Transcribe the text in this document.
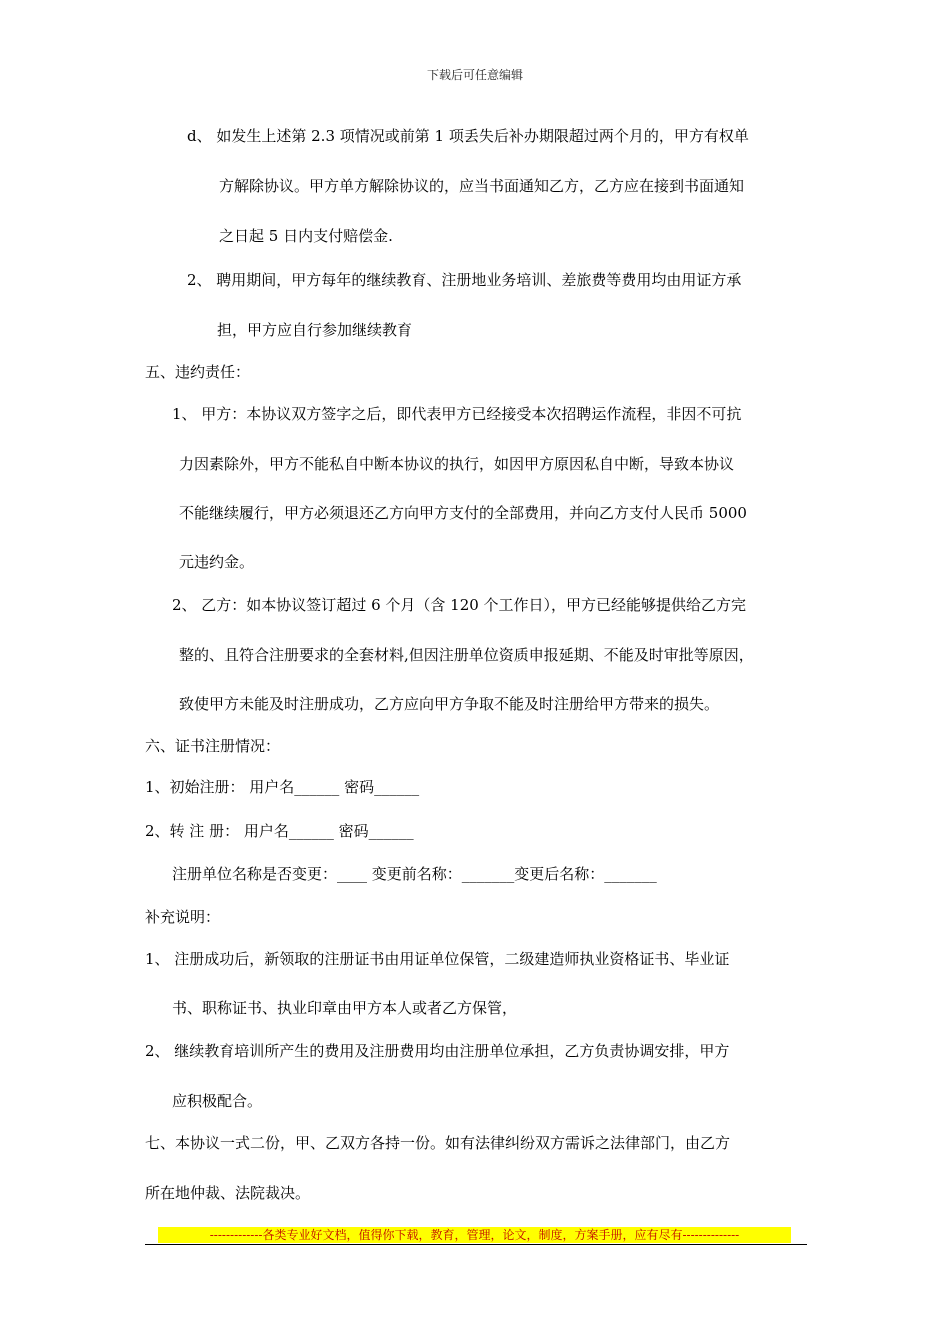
下载后可任意编辑
d、 如发生上述第 2.3 项情况或前第 1 项丢失后补办期限超过两个月的，甲方有权单
方解除协议。甲方单方解除协议的，应当书面通知乙方，乙方应在接到书面通知
之日起 5 日内支付赔偿金.
2、 聘用期间，甲方每年的继续教育、注册地业务培训、差旅费等费用均由用证方承
担，甲方应自行参加继续教育
五、违约责任：
1、 甲方：本协议双方签字之后，即代表甲方已经接受本次招聘运作流程，非因不可抗
力因素除外，甲方不能私自中断本协议的执行，如因甲方原因私自中断，导致本协议
不能继续履行，甲方必须退还乙方向甲方支付的全部费用，并向乙方支付人民币 5000
元违约金。
2、 乙方：如本协议签订超过 6 个月（含 120 个工作日），甲方已经能够提供给乙方完
整的、且符合注册要求的全套材料,但因注册单位资质申报延期、不能及时审批等原因，
致使甲方未能及时注册成功，乙方应向甲方争取不能及时注册给甲方带来的损失。
六、证书注册情况：
1、初始注册： 用户名______ 密码______
2、转 注 册： 用户名______ 密码______
注册单位名称是否变更：____ 变更前名称：_______变更后名称：_______
补充说明：
1、 注册成功后，新领取的注册证书由用证单位保管，二级建造师执业资格证书、毕业证
书、职称证书、执业印章由甲方本人或者乙方保管，
2、 继续教育培训所产生的费用及注册费用均由注册单位承担，乙方负责协调安排，甲方
应积极配合。
七、本协议一式二份，甲、乙双方各持一份。如有法律纠纷双方需诉之法律部门，由乙方
所在地仲裁、法院裁决。
-------------各类专业好文档，值得你下载，教育，管理，论文，制度，方案手册，应有尽有--------------
